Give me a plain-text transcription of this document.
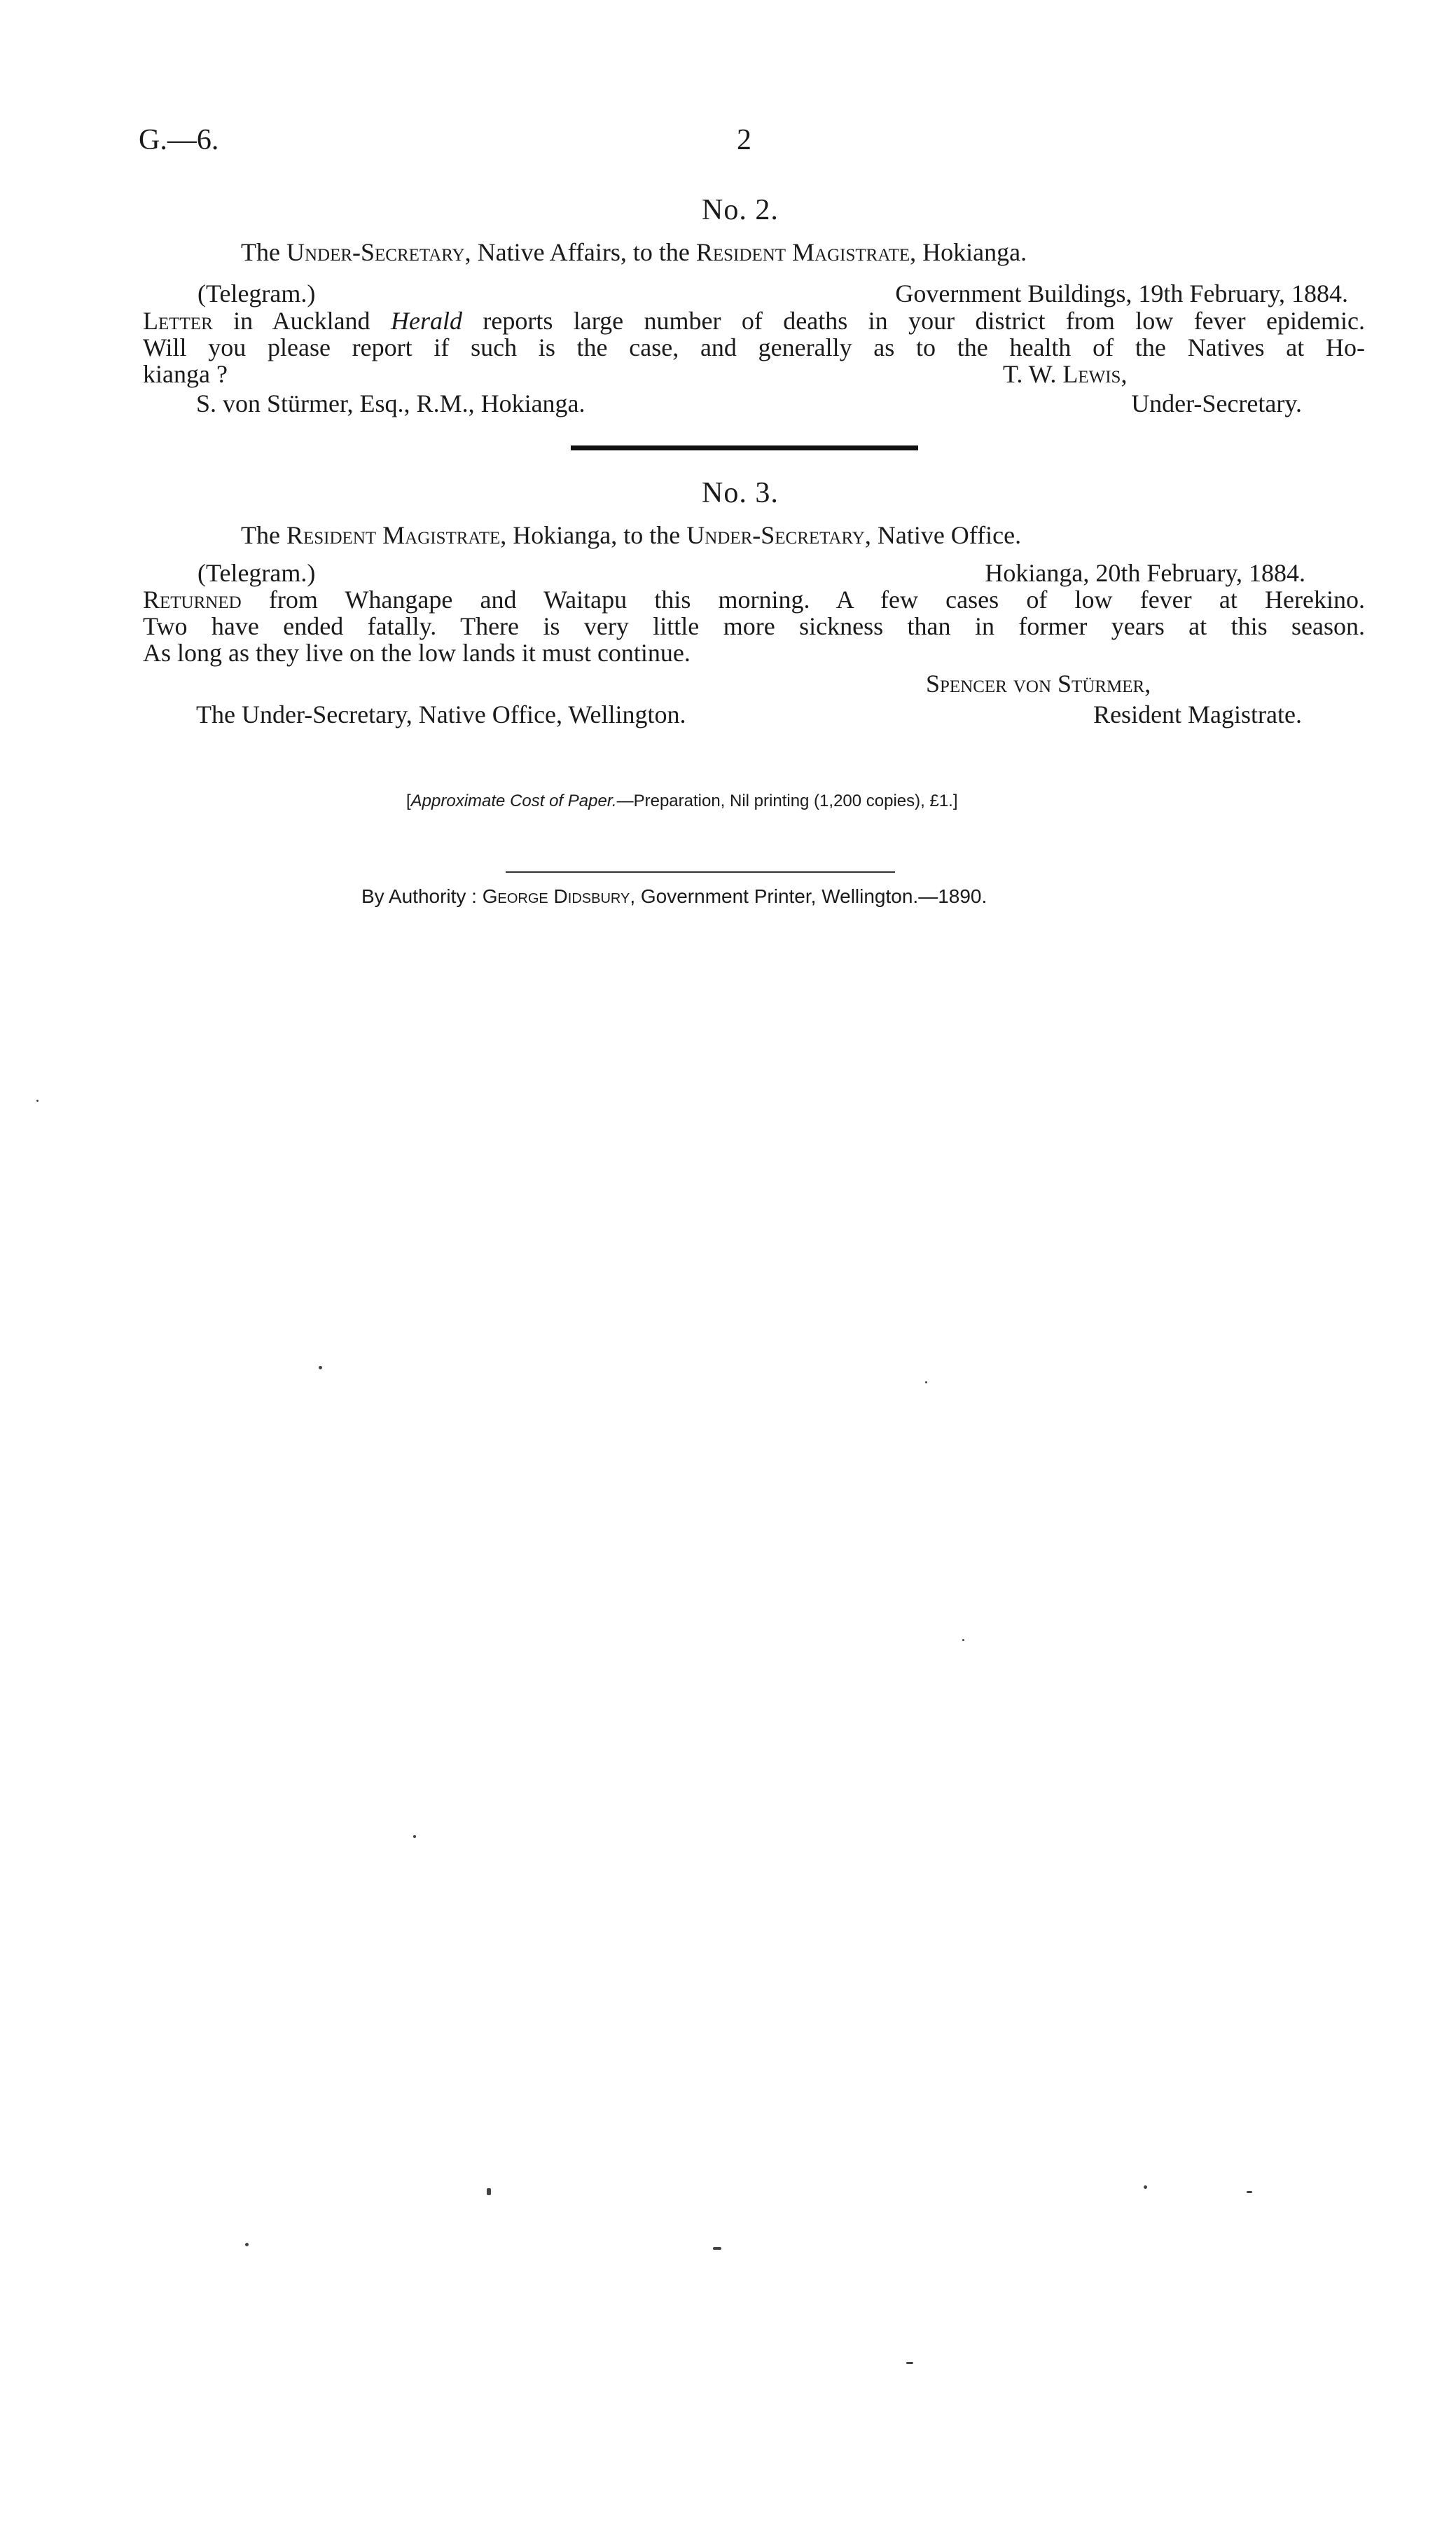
G.—6.	2
No. 2.
The Under-Secretary, Native Affairs, to the Resident Magistrate, Hokianga.
(Telegram.)	Government Buildings, 19th February, 1884.
Letter in Auckland Herald reports large number of deaths in your district from low fever epidemic.
Will you please report if such is the case, and generally as to the health of the Natives at Ho-
kianga ?	T. W. Lewis,
S. von Stürmer, Esq., R.M., Hokianga.	Under-Secretary.
No. 3.
The Resident Magistrate, Hokianga, to the Under-Secretary, Native Office.
(Telegram.)	Hokianga, 20th February, 1884.
Returned from Whangape and Waitapu this morning. A few cases of low fever at Herekino.
Two have ended fatally. There is very little more sickness than in former years at this season.
As long as they live on the low lands it must continue.
Spencer von Stürmer,
The Under-Secretary, Native Office, Wellington.	Resident Magistrate.
[Approximate Cost of Paper.—Preparation, Nil printing (1,200 copies), £1.]
By Authority : George Didsbury, Government Printer, Wellington.—1890.
